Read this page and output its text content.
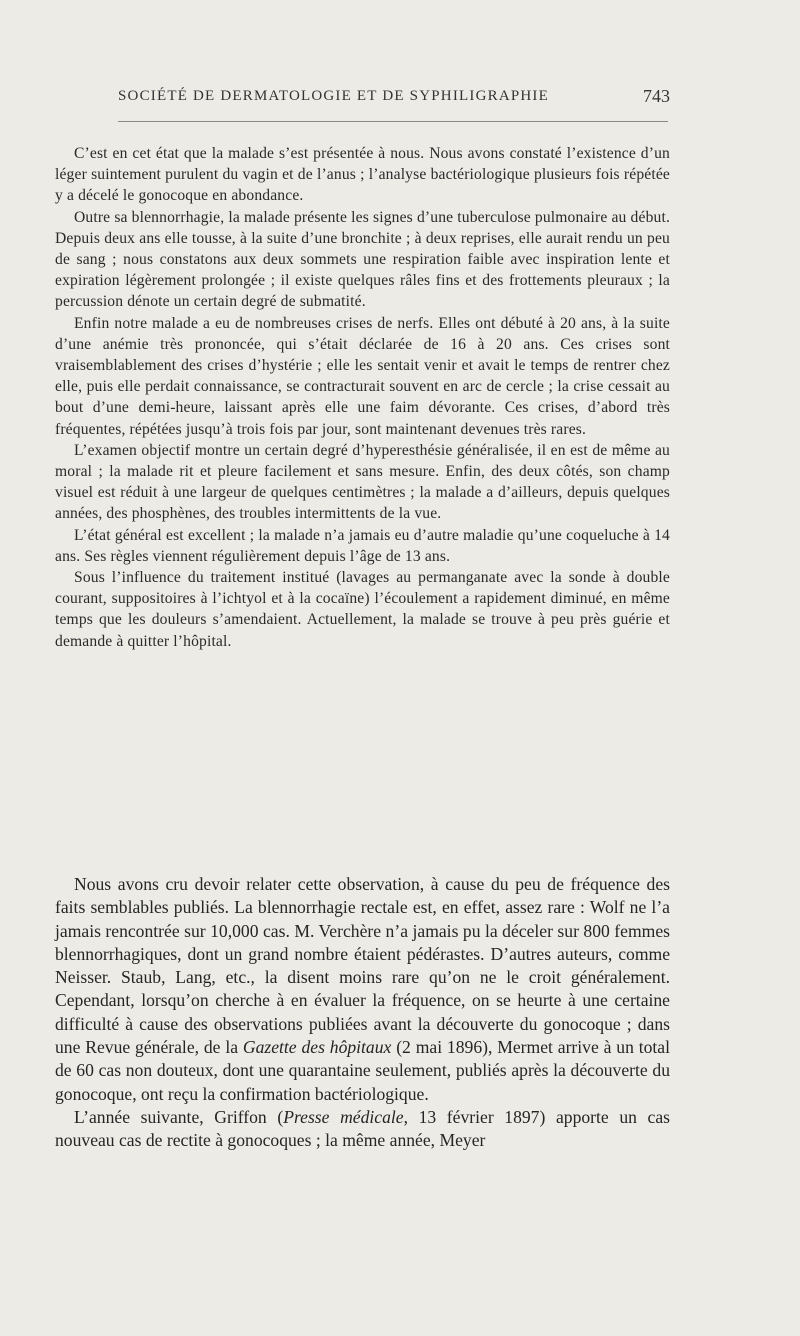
SOCIÉTÉ DE DERMATOLOGIE ET DE SYPHILIGRAPHIE	743

C’est en cet état que la malade s’est présentée à nous. Nous avons constaté l’existence d’un léger suintement purulent du vagin et de l’anus ; l’analyse bactériologique plusieurs fois répétée y a décelé le gonocoque en abondance.

Outre sa blennorrhagie, la malade présente les signes d’une tuberculose pulmonaire au début. Depuis deux ans elle tousse, à la suite d’une bronchite ; à deux reprises, elle aurait rendu un peu de sang ; nous constatons aux deux sommets une respiration faible avec inspiration lente et expiration légèrement prolongée ; il existe quelques râles fins et des frottements pleuraux ; la percussion dénote un certain degré de submatité.

Enfin notre malade a eu de nombreuses crises de nerfs. Elles ont débuté à 20 ans, à la suite d’une anémie très prononcée, qui s’était déclarée de 16 à 20 ans. Ces crises sont vraisemblablement des crises d’hystérie ; elle les sentait venir et avait le temps de rentrer chez elle, puis elle perdait connaissance, se contracturait souvent en arc de cercle ; la crise cessait au bout d’une demi-heure, laissant après elle une faim dévorante. Ces crises, d’abord très fréquentes, répétées jusqu’à trois fois par jour, sont maintenant devenues très rares.

L’examen objectif montre un certain degré d’hyperesthésie généralisée, il en est de même au moral ; la malade rit et pleure facilement et sans mesure. Enfin, des deux côtés, son champ visuel est réduit à une largeur de quelques centimètres ; la malade a d’ailleurs, depuis quelques années, des phosphènes, des troubles intermittents de la vue.

L’état général est excellent ; la malade n’a jamais eu d’autre maladie qu’une coqueluche à 14 ans. Ses règles viennent régulièrement depuis l’âge de 13 ans.

Sous l’influence du traitement institué (lavages au permanganate avec la sonde à double courant, suppositoires à l’ichtyol et à la cocaïne) l’écoulement a rapidement diminué, en même temps que les douleurs s’amendaient. Actuellement, la malade se trouve à peu près guérie et demande à quitter l’hôpital.

Nous avons cru devoir relater cette observation, à cause du peu de fréquence des faits semblables publiés. La blennorrhagie rectale est, en effet, assez rare : Wolf ne l’a jamais rencontrée sur 10,000 cas. M. Verchère n’a jamais pu la déceler sur 800 femmes blennorrhagiques, dont un grand nombre étaient pédérastes. D’autres auteurs, comme Neisser. Staub, Lang, etc., la disent moins rare qu’on ne le croit généralement. Cependant, lorsqu’on cherche à en évaluer la fréquence, on se heurte à une certaine difficulté à cause des observations publiées avant la découverte du gonocoque ; dans une Revue générale, de la Gazette des hôpitaux (2 mai 1896), Mermet arrive à un total de 60 cas non douteux, dont une quarantaine seulement, publiés après la découverte du gonocoque, ont reçu la confirmation bactériologique.

L’année suivante, Griffon (Presse médicale, 13 février 1897) apporte un cas nouveau cas de rectite à gonocoques ; la même année, Meyer
